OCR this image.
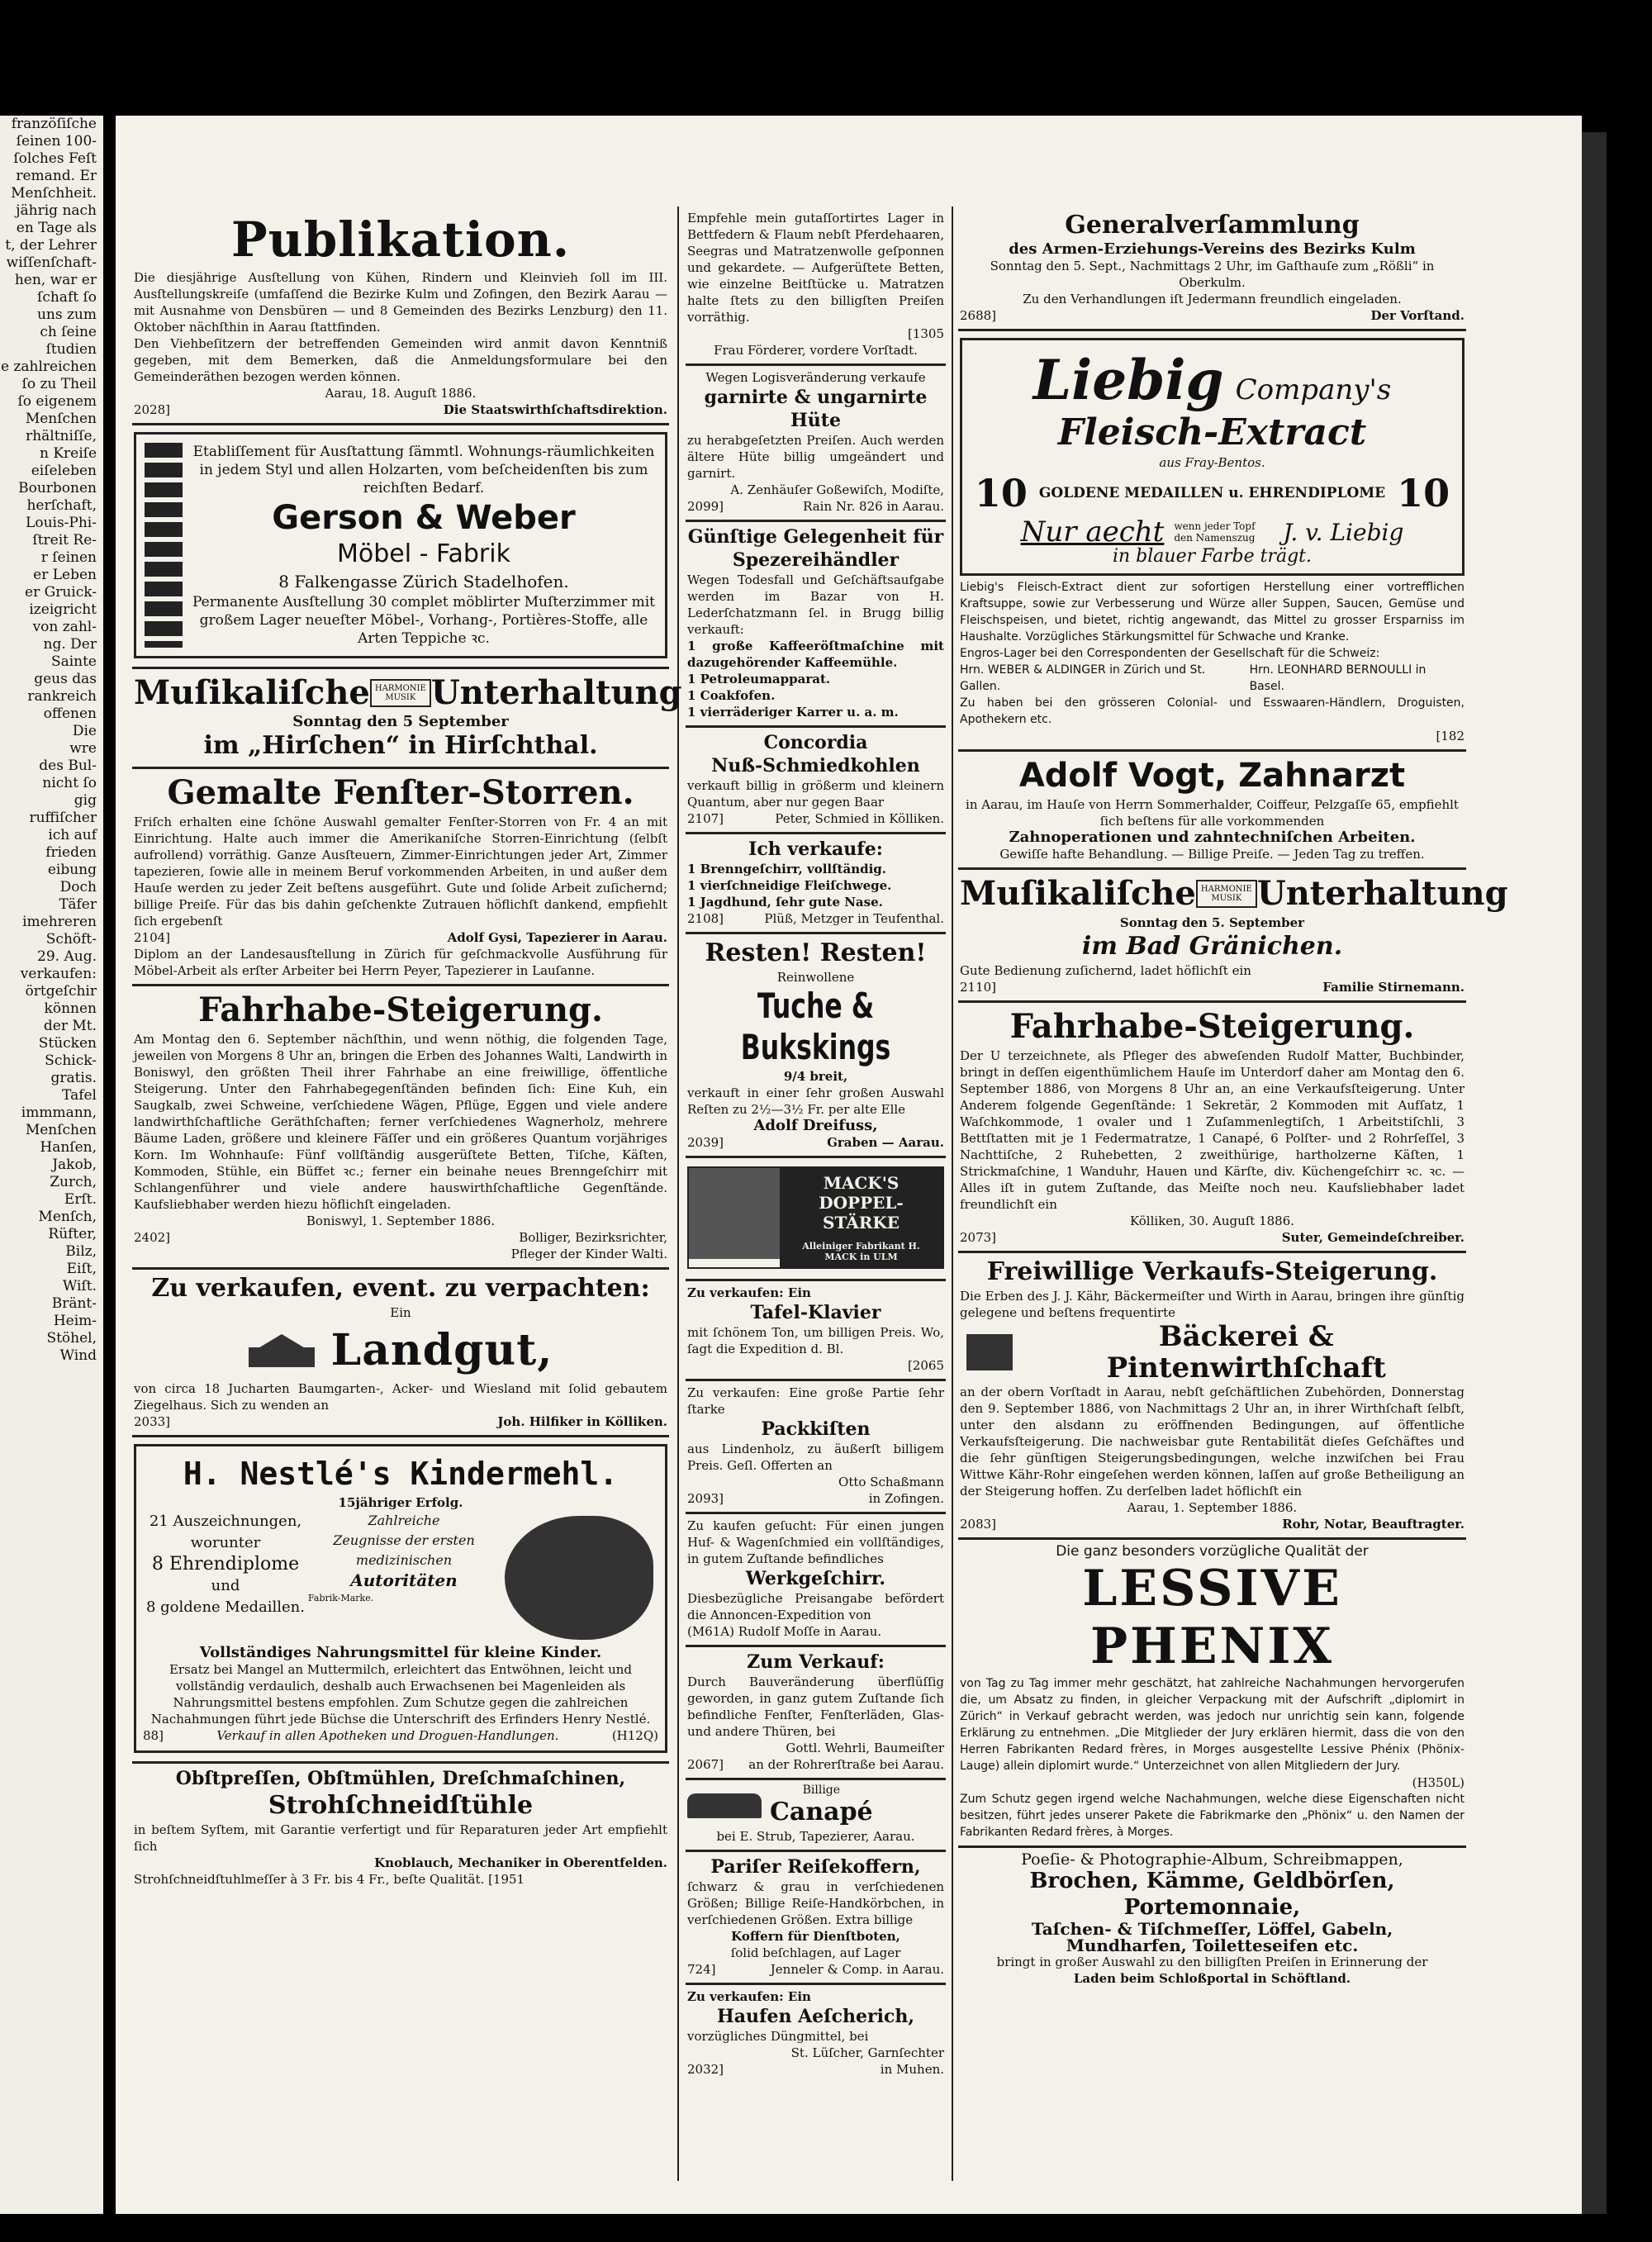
franzöſiſche
ſeinen 100-
ſolches Feſt
remand. Er
Menſchheit.
jährig nach
en Tage als
t, der Lehrer
wiſſenſchaft-
hen, war er
ſchaft ſo
uns zum
ch ſeine
ſtudien
e zahlreichen
ſo zu Theil
ſo eigenem
Menſchen
rhältniſſe,
n Kreiſe
eiſeleben
Bourbonen
herſchaft,
Louis-Phi-
ſtreit Re-
r ſeinen
er Leben
er Gruick-
izeigricht
von zahl-
ng. Der
Sainte
geus das
rankreich
offenen
Die
wre
des Bul-
nicht ſo
gig
ruffiſcher
ich auf
frieden
eibung
Doch
Täfer
imehreren
Schöft-
29. Aug.
verkaufen:
örtgeſchir
können
der Mt.
Stücken
Schick-
gratis.
Tafel
immmann,
Menſchen
Hanſen,
Jakob,
Zurch,
Erſt.
Menſch,
Rüfter,
Bilz,
Eiſt,
Wiſt.
Bränt-
Heim-
Stöhel,
Wind
Publikation.

Die diesjährige Ausſtellung von Kühen, Rindern und Kleinvieh ſoll im III. Ausſtellungskreiſe (umfaſſend die Bezirke Kulm und Zofingen, den Bezirk Aarau — mit Ausnahme von Densbüren — und 8 Gemeinden des Bezirks Lenzburg) den 11. Oktober nächſthin in Aarau ſtattfinden.

Den Viehbeſitzern der betreffenden Gemeinden wird anmit davon Kenntniß gegeben, mit dem Bemerken, daß die Anmeldungsformulare bei den Gemeinderäthen bezogen werden können.

Aarau, 18. Auguſt 1886.

2028]	Die Staatswirthſchaftsdirektion.

Etabliſſement für Ausſtattung ſämmtl. Wohnungs-räumlichkeiten in jedem Styl und allen Holzarten, vom beſcheidenſten bis zum reichſten Bedarf.

Gerson & Weber
Möbel - Fabrik

8 Falkengasse Zürich Stadelhofen.

Permanente Ausſtellung 30 complet möblirter Muſterzimmer mit großem Lager neueſter Möbel-, Vorhang-, Portières-Stoffe, alle Arten Teppiche ꝛc.

Muſikaliſche HARMONIE MUSIK Unterhaltung

Sonntag den 5 September

im „Hirſchen“ in Hirſchthal.
Gemalte Fenſter-Storren.

Friſch erhalten eine ſchöne Auswahl gemalter Fenſter-Storren von Fr. 4 an mit Einrichtung. Halte auch immer die Amerikaniſche Storren-Einrichtung (ſelbſt aufrollend) vorräthig. Ganze Ausſteuern, Zimmer-Einrichtungen jeder Art, Zimmer tapezieren, ſowie alle in meinem Beruf vorkommenden Arbeiten, in und außer dem Hauſe werden zu jeder Zeit beſtens ausgeführt. Gute und ſolide Arbeit zuſichernd; billige Preiſe. Für das bis dahin geſchenkte Zutrauen höflichſt dankend, empfiehlt ſich ergebenſt

2104]	Adolf Gysi, Tapezierer in Aarau.

Diplom an der Landesausſtellung in Zürich für geſchmackvolle Ausführung für Möbel-Arbeit als erſter Arbeiter bei Herrn Peyer, Tapezierer in Lauſanne.

Fahrhabe-Steigerung.

Am Montag den 6. September nächſthin, und wenn nöthig, die folgenden Tage, jeweilen von Morgens 8 Uhr an, bringen die Erben des Johannes Walti, Landwirth in Boniswyl, den größten Theil ihrer Fahrhabe an eine freiwillige, öffentliche Steigerung. Unter den Fahrhabegegenſtänden befinden ſich: Eine Kuh, ein Saugkalb, zwei Schweine, verſchiedene Wägen, Pflüge, Eggen und viele andere landwirthſchaftliche Geräthſchaften; ferner verſchiedenes Wagnerholz, mehrere Bäume Laden, größere und kleinere Fäſſer und ein größeres Quantum vorjähriges Korn. Im Wohnhauſe: Fünf vollſtändig ausgerüſtete Betten, Tiſche, Käſten, Kommoden, Stühle, ein Büffet ꝛc.; ferner ein beinahe neues Brenngeſchirr mit Schlangenführer und viele andere hauswirthſchaftliche Gegenſtände. Kaufsliebhaber werden hiezu höflichſt eingeladen.

Boniswyl, 1. September 1886.

2402]	Bolliger, Bezirksrichter,
Pfleger der Kinder Walti.
Zu verkaufen, event. zu verpachten:

Ein

Landgut,

von circa 18 Jucharten Baumgarten-, Acker- und Wiesland mit ſolid gebautem Ziegelhaus. Sich zu wenden an

2033]	Joh. Hilfiker in Kölliken.
H. Nestlé's Kindermehl.

15jähriger Erfolg.

21 Auszeichnungen,
worunter
8 Ehrendiplome
und
8 goldene Medaillen.
Zahlreiche
Zeugnisse der ersten
medizinischen
Autoritäten

Fabrik-Marke.

Vollständiges Nahrungsmittel für kleine Kinder.

Ersatz bei Mangel an Muttermilch, erleichtert das Entwöhnen, leicht und vollständig verdaulich, deshalb auch Erwachsenen bei Magenleiden als Nahrungsmittel bestens empfohlen. Zum Schutze gegen die zahlreichen Nachahmungen führt jede Büchse die Unterschrift des Erfinders Henry Nestlé.

88]	Verkauf in allen Apotheken und Droguen-Handlungen.	(H12Q)
Obſtpreſſen, Obſtmühlen, Dreſchmaſchinen,
Strohſchneidſtühle

in beſtem Syſtem, mit Garantie verfertigt und für Reparaturen jeder Art empfiehlt ſich

Knoblauch, Mechaniker in Oberentfelden.

Strohſchneidſtuhlmeſſer à 3 Fr. bis 4 Fr., beſte Qualität. [1951

Empfehle mein gutaſſortirtes Lager in Bettfedern & Flaum nebſt Pferdehaaren, Seegras und Matratzenwolle geſponnen und gekardete. — Aufgerüſtete Betten, wie einzelne Beitſtücke u. Matratzen halte ſtets zu den billigſten Preiſen vorräthig.

[1305

Frau Förderer, vordere Vorſtadt.

Wegen Logisveränderung verkaufe

garnirte & ungarnirte Hüte

zu herabgeſetzten Preiſen. Auch werden ältere Hüte billig umgeändert und garnirt.

A. Zenhäuſer Goßewiſch, Modiſte,

2099]	Rain Nr. 826 in Aarau.
Günſtige Gelegenheit für Spezereihändler

Wegen Todesfall und Geſchäftsaufgabe werden im Bazar von H. Lederſchatzmann ſel. in Brugg billig verkauft:

1 große Kaffeeröſtmaſchine mit dazugehörender Kaffeemühle.

1 Petroleumapparat.

1 Coakfofen.

1 vierräderiger Karrer u. a. m.

Concordia
Nuß-Schmiedkohlen

verkauft billig in größerm und kleinern Quantum, aber nur gegen Baar

2107]	Peter, Schmied in Kölliken.
Ich verkaufe:

1 Brenngeſchirr, vollſtändig.

1 vierſchneidige Fleiſchwege.

1 Jagdhund, ſehr gute Nase.

2108]	Plüß, Metzger in Teufenthal.
Resten! Resten!

Reinwollene

Tuche & Bukskings

9/4 breit,

verkauft in einer ſehr großen Auswahl Reſten zu 2½—3½ Fr. per alte Elle

Adolf Dreifuss,

2039]	Graben — Aarau.
MACK'S DOPPEL-STÄRKE
Alleiniger Fabrikant H. MACK in ULM

Zu verkaufen: Ein

Tafel-Klavier

mit ſchönem Ton, um billigen Preis. Wo, ſagt die Expedition d. Bl.

[2065

Zu verkaufen: Eine große Partie ſehr ſtarke

Packkiſten

aus Lindenholz, zu äußerſt billigem Preis. Geſl. Offerten an

Otto Schaßmann

2093]	in Zofingen.

Zu kaufen geſucht: Für einen jungen Huf- & Wagenſchmied ein vollſtändiges, in gutem Zuſtande befindliches

Werkgeſchirr.

Diesbezügliche Preisangabe befördert die Annoncen-Expedition von

(M61A) Rudolf Moſſe in Aarau.

Zum Verkauf:

Durch Bauveränderung überflüſſig geworden, in ganz gutem Zuſtande ſich befindliche Fenſter, Fenſterläden, Glas- und andere Thüren, bei

Gottl. Wehrli, Baumeiſter

2067] an der Rohrerſtraße bei Aarau.
Billige
Canapé

bei E. Strub, Tapezierer, Aarau.

Pariſer Reiſekoffern,

ſchwarz & grau in verſchiedenen Größen; Billige Reiſe-Handkörbchen, in verſchiedenen Größen. Extra billige

Koffern für Dienſtboten,

ſolid beſchlagen, auf Lager

724]	Jenneler & Comp. in Aarau.

Zu verkaufen: Ein

Haufen Aeſcherich,

vorzügliches Düngmittel, bei

St. Lüſcher, Garnſechter

2032]	in Muhen.
Generalverſammlung

des Armen-Erziehungs-Vereins des Bezirks Kulm

Sonntag den 5. Sept., Nachmittags 2 Uhr, im Gaſthauſe zum „Rößli“ in Oberkulm.

Zu den Verhandlungen iſt Jedermann freundlich eingeladen.

2688]	Der Vorſtand.
Liebig Company's
Fleisch-Extract

aus Fray-Bentos.

10 GOLDENE MEDAILLEN u. EHRENDIPLOME 10
Nur aecht wenn jeder Topf den Namenszug	J. v. Liebig

in blauer Farbe trägt.

Liebig's Fleisch-Extract dient zur sofortigen Herstellung einer vortrefflichen Kraftsuppe, sowie zur Verbesserung und Würze aller Suppen, Saucen, Gemüse und Fleischspeisen, und bietet, richtig angewandt, das Mittel zu grosser Ersparniss im Haushalte. Vorzügliches Stärkungsmittel für Schwache und Kranke.

Engros-Lager bei den Correspondenten der Gesellschaft für die Schweiz:

Hrn. WEBER & ALDINGER in Zürich und St. Gallen.
Hrn. LEONHARD BERNOULLI in Basel.

Zu haben bei den grösseren Colonial- und Esswaaren-Händlern, Droguisten, Apothekern etc.

[182

Adolf Vogt, Zahnarzt

in Aarau, im Hauſe von Herrn Sommerhalder, Coiffeur, Pelzgaſſe 65, empfiehlt ſich beſtens für alle vorkommenden

Zahnoperationen und zahntechniſchen Arbeiten.

Gewiſſe hafte Behandlung. — Billige Preiſe. — Jeden Tag zu treffen.

Muſikaliſche HARMONIE MUSIK Unterhaltung

Sonntag den 5. September

im Bad Gränichen.

Gute Bedienung zuſichernd, ladet höflichſt ein

2110]	Familie Stirnemann.
Fahrhabe-Steigerung.

Der U terzeichnete, als Pfleger des abweſenden Rudolf Matter, Buchbinder, bringt in deſſen eigenthümlichem Hauſe im Unterdorf daher am Montag den 6. September 1886, von Morgens 8 Uhr an, an eine Verkaufsſteigerung. Unter Anderem folgende Gegenſtände: 1 Sekretär, 2 Kommoden mit Aufſatz, 1 Waſchkommode, 1 ovaler und 1 Zuſammenlegtiſch, 1 Arbeitstiſchli, 3 Bettſtatten mit je 1 Federmatratze, 1 Canapé, 6 Polſter- und 2 Rohrſeſſel, 3 Nachttiſche, 2 Ruhebetten, 2 zweithürige, hartholzerne Käſten, 1 Strickmaſchine, 1 Wanduhr, Hauen und Kärſte, div. Küchengeſchirr ꝛc. ꝛc. — Alles iſt in gutem Zuſtande, das Meiſte noch neu. Kaufsliebhaber ladet freundlichſt ein

Kölliken, 30. Auguſt 1886.

2073]	Suter, Gemeindeſchreiber.
Freiwillige Verkaufs-Steigerung.

Die Erben des J. J. Kähr, Bäckermeiſter und Wirth in Aarau, bringen ihre günſtig gelegene und beſtens frequentirte

Bäckerei & Pintenwirthſchaft

an der obern Vorſtadt in Aarau, nebſt geſchäftlichen Zubehörden, Donnerstag den 9. September 1886, von Nachmittags 2 Uhr an, in ihrer Wirthſchaft ſelbſt, unter den alsdann zu eröffnenden Bedingungen, auf öffentliche Verkaufsſteigerung. Die nachweisbar gute Rentabilität dieſes Geſchäftes und die ſehr günſtigen Steigerungsbedingungen, welche inzwiſchen bei Frau Wittwe Kähr-Rohr eingeſehen werden können, laſſen auf große Betheiligung an der Steigerung hoffen. Zu derſelben ladet höflichſt ein

Aarau, 1. September 1886.

2083]	Rohr, Notar, Beauftragter.

Die ganz besonders vorzügliche Qualität der

LESSIVE PHENIX

von Tag zu Tag immer mehr geschätzt, hat zahlreiche Nachahmungen hervorgerufen die, um Absatz zu finden, in gleicher Verpackung mit der Aufschrift „diplomirt in Zürich“ in Verkauf gebracht werden, was jedoch nur unrichtig sein kann, folgende Erklärung zu entnehmen. „Die Mitglieder der Jury erklären hiermit, dass die von den Herren Fabrikanten Redard frères, in Morges ausgestellte Lessive Phénix (Phönix-Lauge) allein diplomirt wurde.“ Unterzeichnet von allen Mitgliedern der Jury.

(H350L)

Zum Schutz gegen irgend welche Nachahmungen, welche diese Eigenschaften nicht besitzen, führt jedes unserer Pakete die Fabrikmarke den „Phönix“ u. den Namen der Fabrikanten Redard frères, à Morges.

Poeſie- & Photographie-Album, Schreibmappen,

Brochen, Kämme, Geldbörſen, Portemonnaie,

Taſchen- & Tiſchmeſſer, Löffel, Gabeln,

Mundharfen, Toiletteseifen etc.

bringt in großer Auswahl zu den billigſten Preiſen in Erinnerung der

Laden beim Schloßportal in Schöftland.
